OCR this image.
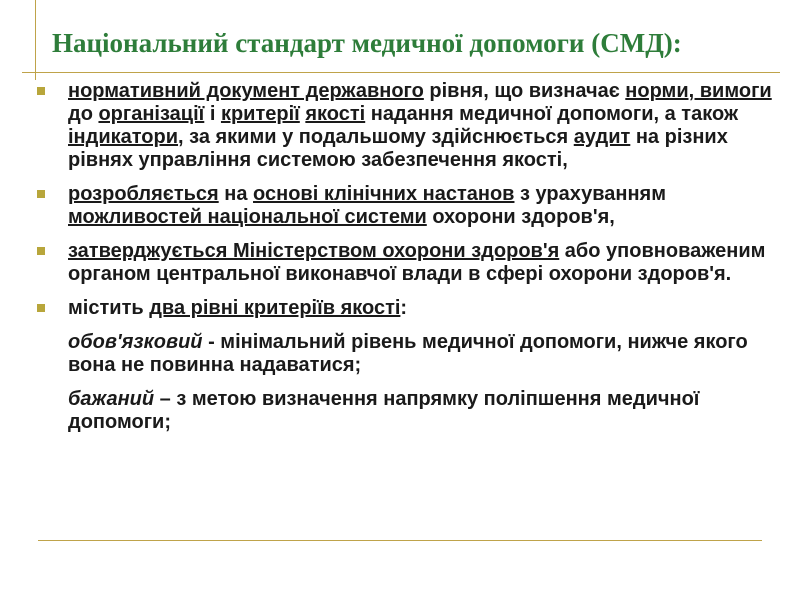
Національний стандарт медичної допомоги (СМД):
нормативний документ державного рівня, що визначає норми, вимоги до організації і критерії якості надання медичної допомоги, а також індикатори, за якими у подальшому здійснюється аудит на різних рівнях управління системою забезпечення якості,
розробляється на основі клінічних настанов з урахуванням можливостей національної системи охорони здоров'я,
затверджується Міністерством охорони здоров'я або уповноваженим органом центральної виконавчої влади в сфері охорони здоров'я.
містить два рівні критеріїв якості:
обов'язковий - мінімальний рівень медичної допомоги, нижче якого вона не повинна надаватися;
бажаний – з метою визначення напрямку поліпшення медичної допомоги;
